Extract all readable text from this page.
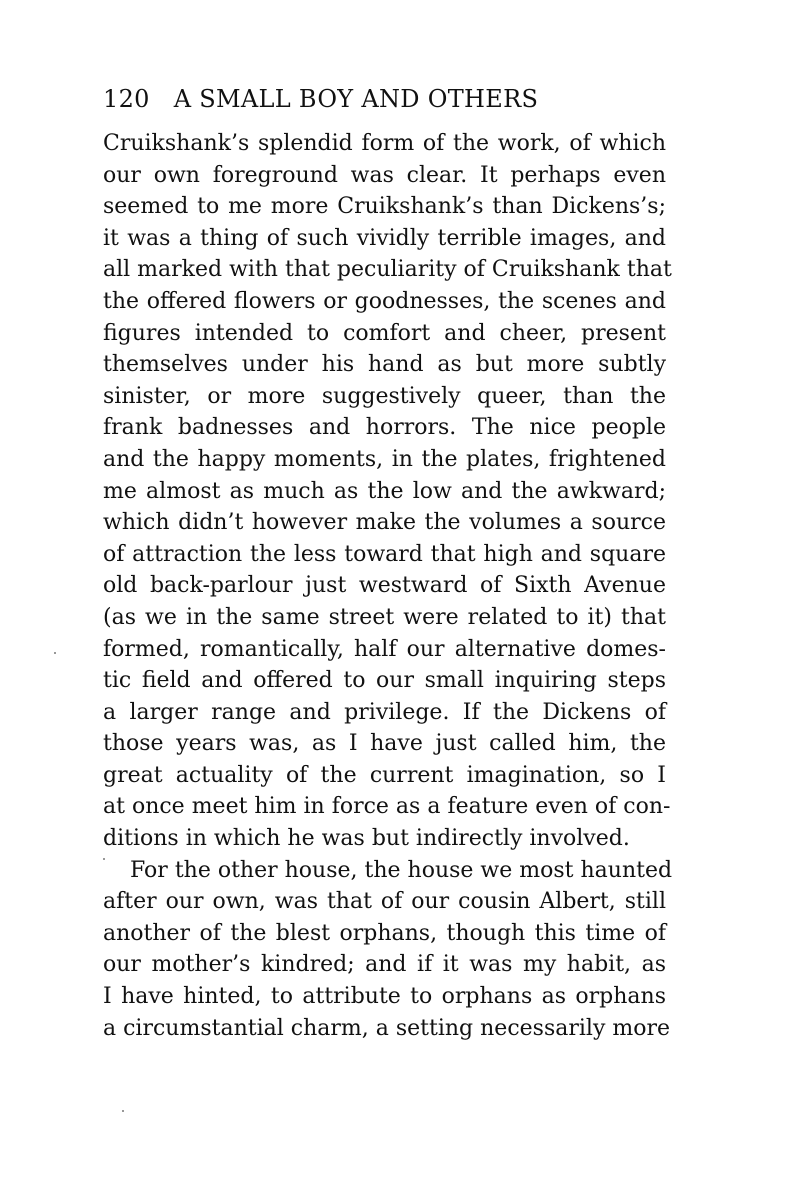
120 A SMALL BOY AND OTHERS
Cruikshank’s splendid form of the work, of which
our own foreground was clear. It perhaps even
seemed to me more Cruikshank’s than Dickens’s;
it was a thing of such vividly terrible images, and
all marked with that peculiarity of Cruikshank that
the offered flowers or goodnesses, the scenes and
figures intended to comfort and cheer, present
themselves under his hand as but more subtly
sinister, or more suggestively queer, than the
frank badnesses and horrors. The nice people
and the happy moments, in the plates, frightened
me almost as much as the low and the awkward;
which didn’t however make the volumes a source
of attraction the less toward that high and square
old back-parlour just westward of Sixth Avenue
(as we in the same street were related to it) that
formed, romantically, half our alternative domes-
tic field and offered to our small inquiring steps
a larger range and privilege. If the Dickens of
those years was, as I have just called him, the
great actuality of the current imagination, so I
at once meet him in force as a feature even of con-
ditions in which he was but indirectly involved.
For the other house, the house we most haunted
after our own, was that of our cousin Albert, still
another of the blest orphans, though this time of
our mother’s kindred; and if it was my habit, as
I have hinted, to attribute to orphans as orphans
a circumstantial charm, a setting necessarily more
